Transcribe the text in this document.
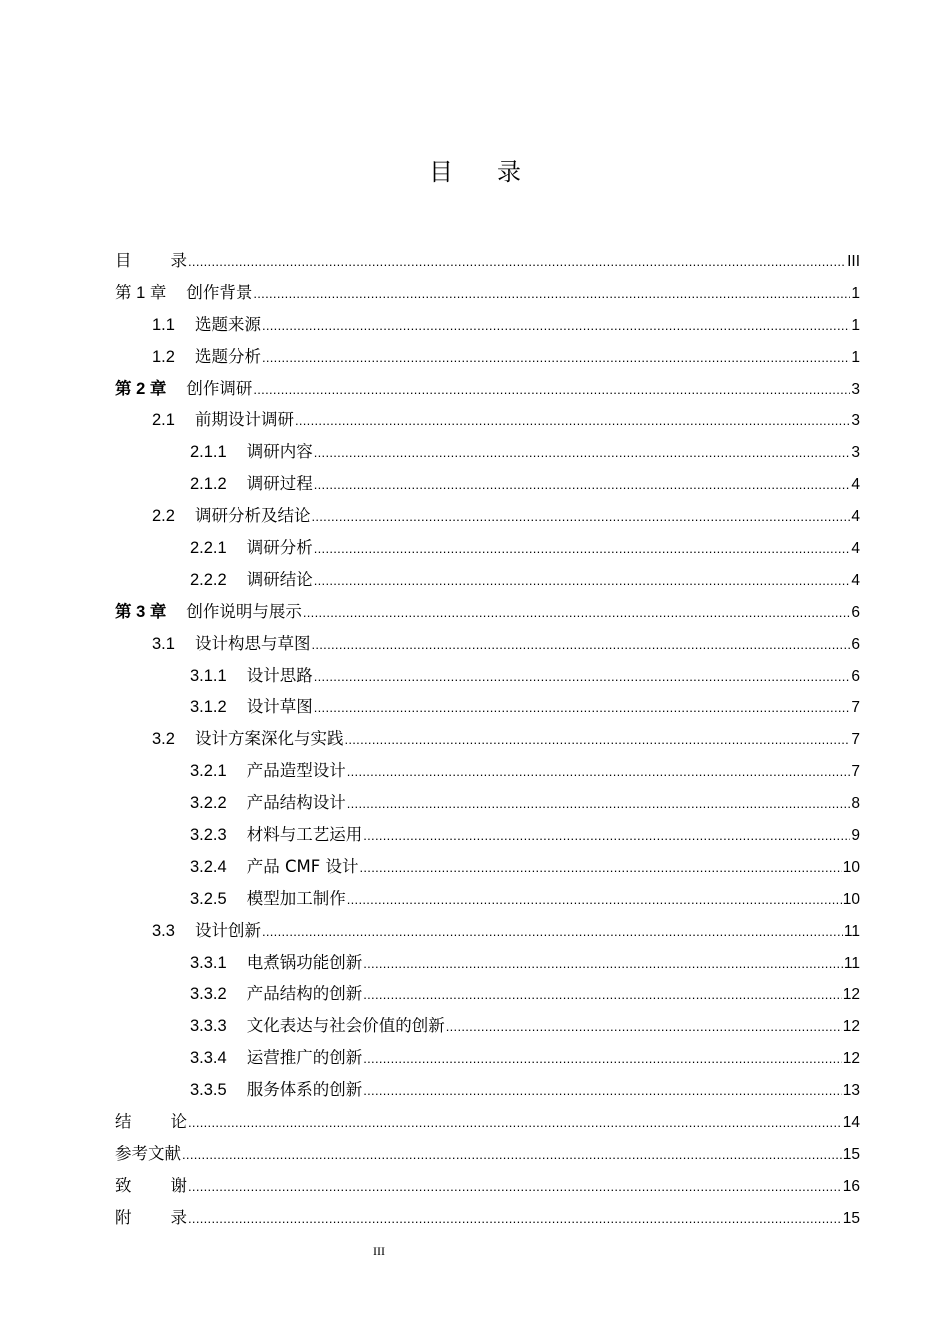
目 录
目 录 .....	III
第 1 章 创作背景 .....	1
1.1 选题来源 .....	1
1.2 选题分析 .....	1
第 2 章 创作调研 .....	3
2.1 前期设计调研 .....	3
2.1.1 调研内容 .....	3
2.1.2 调研过程 .....	4
2.2 调研分析及结论 .....	4
2.2.1 调研分析 .....	4
2.2.2 调研结论 .....	4
第 3 章 创作说明与展示 .....	6
3.1 设计构思与草图 .....	6
3.1.1 设计思路 .....	6
3.1.2 设计草图 .....	7
3.2 设计方案深化与实践 .....	7
3.2.1 产品造型设计 .....	7
3.2.2 产品结构设计 .....	8
3.2.3 材料与工艺运用 .....	9
3.2.4 产品 CMF 设计 .....	10
3.2.5 模型加工制作 .....	10
3.3 设计创新 .....	11
3.3.1 电煮锅功能创新 .....	11
3.3.2 产品结构的创新 .....	12
3.3.3 文化表达与社会价值的创新 .....	12
3.3.4 运营推广的创新 .....	12
3.3.5 服务体系的创新 .....	13
结 论 .....	14
参考文献 .....	15
致 谢 .....	16
附 录 .....	15
III
